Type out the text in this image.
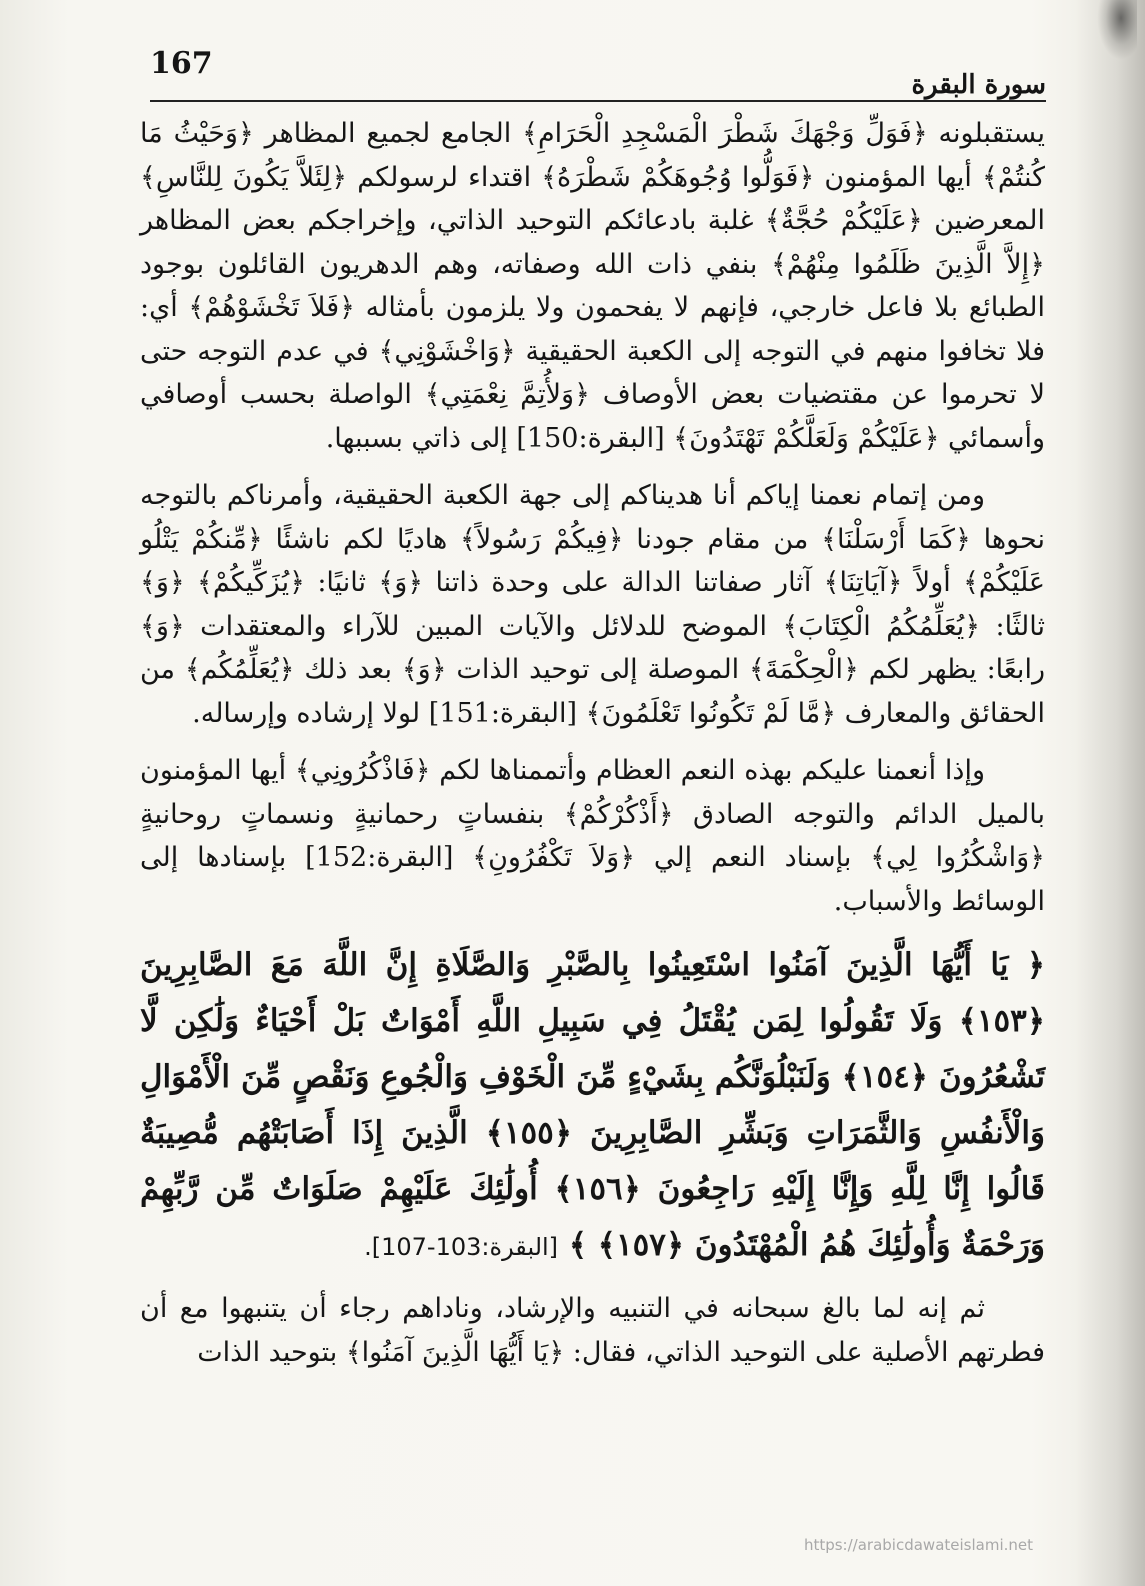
167
سورة البقرة

يستقبلونه ﴿فَوَلِّ وَجْهَكَ شَطْرَ الْمَسْجِدِ الْحَرَامِ﴾ الجامع لجميع المظاهر ﴿وَحَيْثُ مَا كُنتُمْ﴾ أيها المؤمنون ﴿فَوَلُّوا وُجُوهَكُمْ شَطْرَهُ﴾ اقتداء لرسولكم ﴿لِئَلاَّ يَكُونَ لِلنَّاسِ﴾ المعرضين ﴿عَلَيْكُمْ حُجَّةٌ﴾ غلبة بادعائكم التوحيد الذاتي، وإخراجكم بعض المظاهر ﴿إِلاَّ الَّذِينَ ظَلَمُوا مِنْهُمْ﴾ بنفي ذات الله وصفاته، وهم الدهريون القائلون بوجود الطبائع بلا فاعل خارجي، فإنهم لا يفحمون ولا يلزمون بأمثاله ﴿فَلاَ تَخْشَوْهُمْ﴾ أي: فلا تخافوا منهم في التوجه إلى الكعبة الحقيقية ﴿وَاخْشَوْنِي﴾ في عدم التوجه حتى لا تحرموا عن مقتضيات بعض الأوصاف ﴿وَلأُتِمَّ نِعْمَتِي﴾ الواصلة بحسب أوصافي وأسمائي ﴿عَلَيْكُمْ وَلَعَلَّكُمْ تَهْتَدُونَ﴾ [البقرة:150] إلى ذاتي بسببها.

ومن إتمام نعمنا إياكم أنا هديناكم إلى جهة الكعبة الحقيقية، وأمرناكم بالتوجه نحوها ﴿كَمَا أَرْسَلْنَا﴾ من مقام جودنا ﴿فِيكُمْ رَسُولاً﴾ هاديًا لكم ناشئًا ﴿مِّنكُمْ يَتْلُو عَلَيْكُمْ﴾ أولاً ﴿آيَاتِنَا﴾ آثار صفاتنا الدالة على وحدة ذاتنا ﴿وَ﴾ ثانيًا: ﴿يُزَكِّيكُمْ﴾ ﴿وَ﴾ ثالثًا: ﴿يُعَلِّمُكُمُ الْكِتَابَ﴾ الموضح للدلائل والآيات المبين للآراء والمعتقدات ﴿وَ﴾ رابعًا: يظهر لكم ﴿الْحِكْمَةَ﴾ الموصلة إلى توحيد الذات ﴿وَ﴾ بعد ذلك ﴿يُعَلِّمُكُم﴾ من الحقائق والمعارف ﴿مَّا لَمْ تَكُونُوا تَعْلَمُونَ﴾ [البقرة:151] لولا إرشاده وإرساله.

وإذا أنعمنا عليكم بهذه النعم العظام وأتممناها لكم ﴿فَاذْكُرُونِي﴾ أيها المؤمنون بالميل الدائم والتوجه الصادق ﴿أَذْكُرْكُمْ﴾ بنفساتٍ رحمانيةٍ ونسماتٍ روحانيةٍ ﴿وَاشْكُرُوا لِي﴾ بإسناد النعم إلي ﴿وَلاَ تَكْفُرُونِ﴾ [البقرة:152] بإسنادها إلى الوسائط والأسباب.

﴿ يَا أَيُّهَا الَّذِينَ آمَنُوا اسْتَعِينُوا بِالصَّبْرِ وَالصَّلَاةِ إِنَّ اللَّهَ مَعَ الصَّابِرِينَ ﴿١٥٣﴾ وَلَا تَقُولُوا لِمَن يُقْتَلُ فِي سَبِيلِ اللَّهِ أَمْوَاتٌ بَلْ أَحْيَاءٌ وَلَٰكِن لَّا تَشْعُرُونَ ﴿١٥٤﴾ وَلَنَبْلُوَنَّكُم بِشَيْءٍ مِّنَ الْخَوْفِ وَالْجُوعِ وَنَقْصٍ مِّنَ الْأَمْوَالِ وَالْأَنفُسِ وَالثَّمَرَاتِ وَبَشِّرِ الصَّابِرِينَ ﴿١٥٥﴾ الَّذِينَ إِذَا أَصَابَتْهُم مُّصِيبَةٌ قَالُوا إِنَّا لِلَّهِ وَإِنَّا إِلَيْهِ رَاجِعُونَ ﴿١٥٦﴾ أُولَٰئِكَ عَلَيْهِمْ صَلَوَاتٌ مِّن رَّبِّهِمْ وَرَحْمَةٌ وَأُولَٰئِكَ هُمُ الْمُهْتَدُونَ ﴿١٥٧﴾ ﴾ [البقرة:103-107].

ثم إنه لما بالغ سبحانه في التنبيه والإرشاد، وناداهم رجاء أن يتنبهوا مع أن فطرتهم الأصلية على التوحيد الذاتي، فقال: ﴿يَا أَيُّهَا الَّذِينَ آمَنُوا﴾ بتوحيد الذات

https://arabicdawateislami.net
